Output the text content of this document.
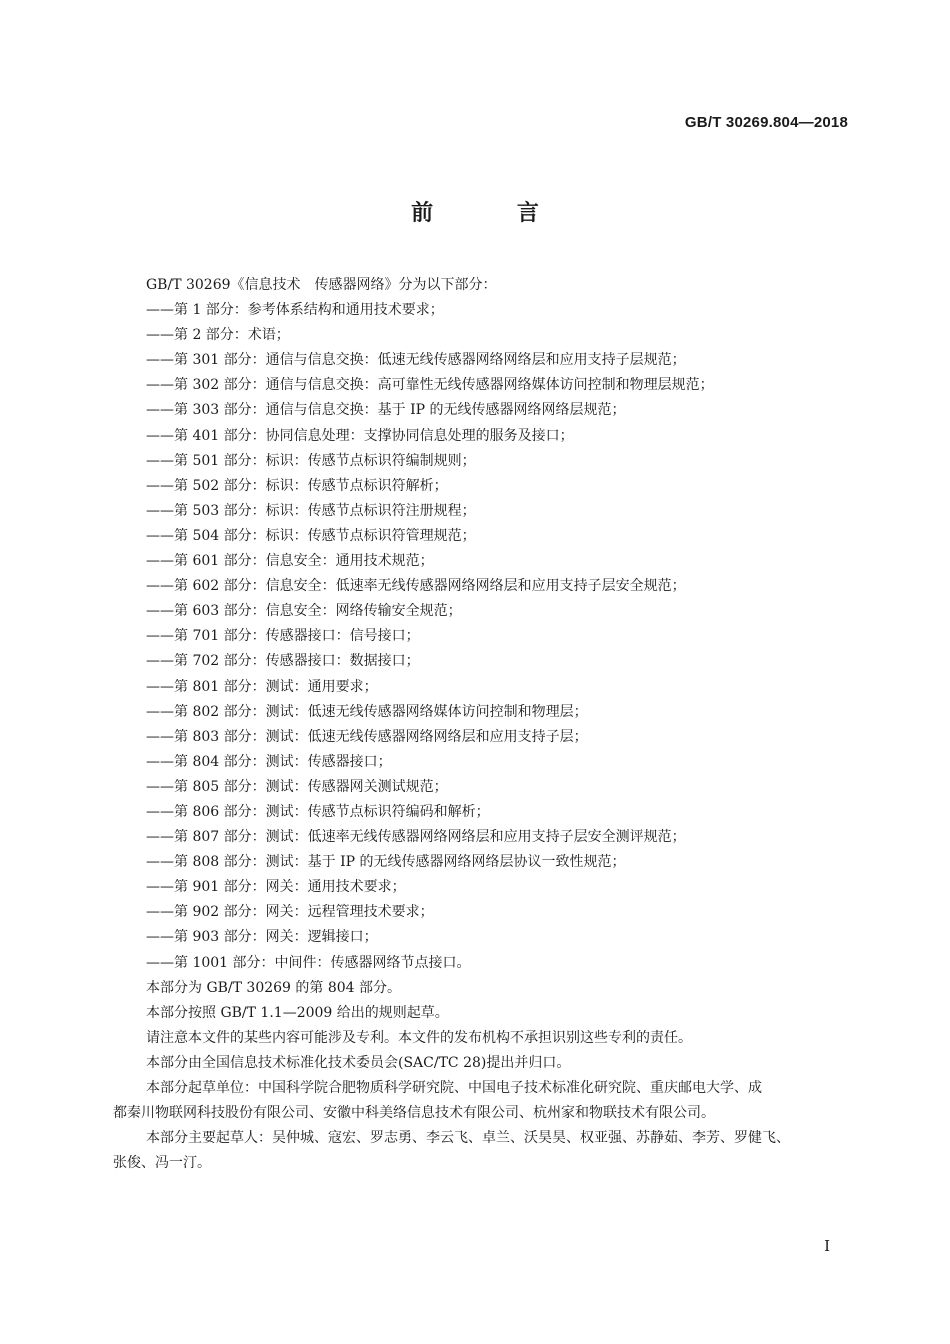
GB/T 30269.804—2018
前 言
GB/T 30269《信息技术　传感器网络》分为以下部分：
——第 1 部分：参考体系结构和通用技术要求；
——第 2 部分：术语；
——第 301 部分：通信与信息交换：低速无线传感器网络网络层和应用支持子层规范；
——第 302 部分：通信与信息交换：高可靠性无线传感器网络媒体访问控制和物理层规范；
——第 303 部分：通信与信息交换：基于 IP 的无线传感器网络网络层规范；
——第 401 部分：协同信息处理：支撑协同信息处理的服务及接口；
——第 501 部分：标识：传感节点标识符编制规则；
——第 502 部分：标识：传感节点标识符解析；
——第 503 部分：标识：传感节点标识符注册规程；
——第 504 部分：标识：传感节点标识符管理规范；
——第 601 部分：信息安全：通用技术规范；
——第 602 部分：信息安全：低速率无线传感器网络网络层和应用支持子层安全规范；
——第 603 部分：信息安全：网络传输安全规范；
——第 701 部分：传感器接口：信号接口；
——第 702 部分：传感器接口：数据接口；
——第 801 部分：测试：通用要求；
——第 802 部分：测试：低速无线传感器网络媒体访问控制和物理层；
——第 803 部分：测试：低速无线传感器网络网络层和应用支持子层；
——第 804 部分：测试：传感器接口；
——第 805 部分：测试：传感器网关测试规范；
——第 806 部分：测试：传感节点标识符编码和解析；
——第 807 部分：测试：低速率无线传感器网络网络层和应用支持子层安全测评规范；
——第 808 部分：测试：基于 IP 的无线传感器网络网络层协议一致性规范；
——第 901 部分：网关：通用技术要求；
——第 902 部分：网关：远程管理技术要求；
——第 903 部分：网关：逻辑接口；
——第 1001 部分：中间件：传感器网络节点接口。
本部分为 GB/T 30269 的第 804 部分。
本部分按照 GB/T 1.1—2009 给出的规则起草。
请注意本文件的某些内容可能涉及专利。本文件的发布机构不承担识别这些专利的责任。
本部分由全国信息技术标准化技术委员会(SAC/TC 28)提出并归口。
本部分起草单位：中国科学院合肥物质科学研究院、中国电子技术标准化研究院、重庆邮电大学、成
都秦川物联网科技股份有限公司、安徽中科美络信息技术有限公司、杭州家和物联技术有限公司。
本部分主要起草人：吴仲城、寇宏、罗志勇、李云飞、卓兰、沃昊昊、权亚强、苏静茹、李芳、罗健飞、
张俊、冯一汀。
I
